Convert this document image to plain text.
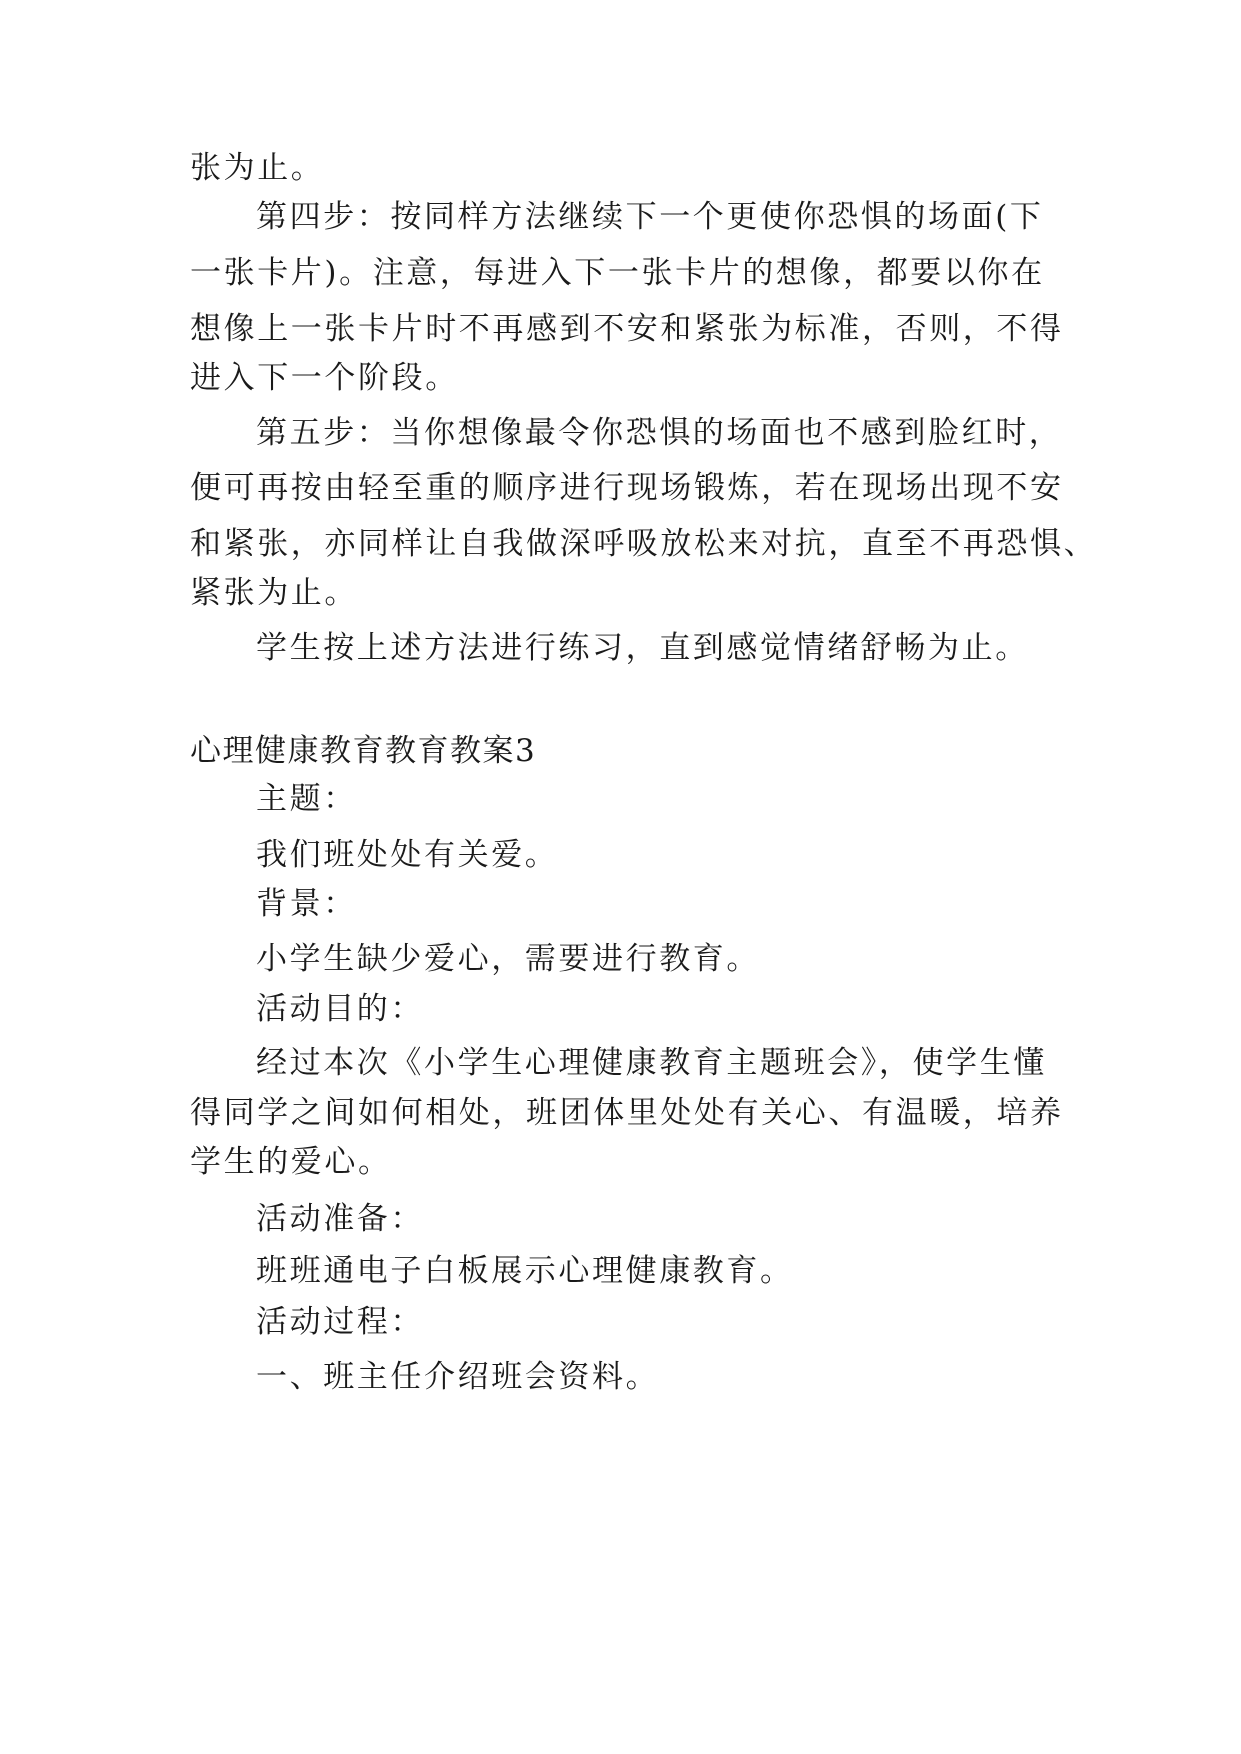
张为止。
第四步：按同样方法继续下一个更使你恐惧的场面(下
一张卡片)。注意，每进入下一张卡片的想像，都要以你在
想像上一张卡片时不再感到不安和紧张为标准，否则，不得
进入下一个阶段。
第五步：当你想像最令你恐惧的场面也不感到脸红时，
便可再按由轻至重的顺序进行现场锻炼，若在现场出现不安
和紧张，亦同样让自我做深呼吸放松来对抗，直至不再恐惧、
紧张为止。
学生按上述方法进行练习，直到感觉情绪舒畅为止。
心理健康教育教育教案3
主题：
我们班处处有关爱。
背景：
小学生缺少爱心，需要进行教育。
活动目的：
经过本次《小学生心理健康教育主题班会》，使学生懂
得同学之间如何相处，班团体里处处有关心、有温暖，培养
学生的爱心。
活动准备：
班班通电子白板展示心理健康教育。
活动过程：
一、班主任介绍班会资料。
